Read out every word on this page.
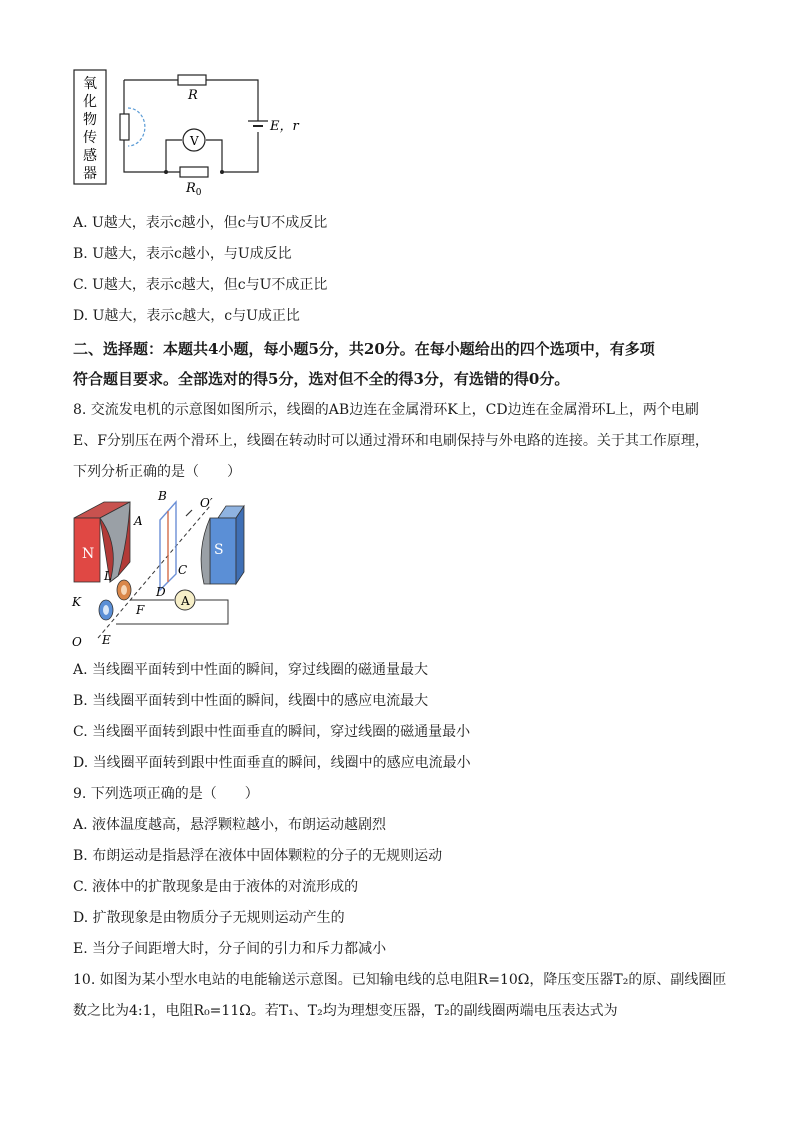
氧
化
物
传
感
器
R
E，r
V
$R_0$
A. U越大，表示c越小，但c与U不成反比
B. U越大，表示c越小，与U成反比
C. U越大，表示c越大，但c与U不成正比
D. U越大，表示c越大，c与U成正比
二、选择题：本题共4小题，每小题5分，共20分。在每小题给出的四个选项中，有多项
符合题目要求。全部选对的得5分，选对但不全的得3分，有选错的得0分。
8. 交流发电机的示意图如图所示，线圈的AB边连在金属滑环K上，CD边连在金属滑环L上，两个电刷
E、F分别压在两个滑环上，线圈在转动时可以通过滑环和电刷保持与外电路的连接。关于其工作原理，
下列分析正确的是（　　）
N	S
B
A
O′
C
D
L
K	A
F
E
O
A. 当线圈平面转到中性面的瞬间，穿过线圈的磁通量最大
B. 当线圈平面转到中性面的瞬间，线圈中的感应电流最大
C. 当线圈平面转到跟中性面垂直的瞬间，穿过线圈的磁通量最小
D. 当线圈平面转到跟中性面垂直的瞬间，线圈中的感应电流最小
9. 下列选项正确的是（　　）
A. 液体温度越高，悬浮颗粒越小，布朗运动越剧烈
B. 布朗运动是指悬浮在液体中固体颗粒的分子的无规则运动
C. 液体中的扩散现象是由于液体的对流形成的
D. 扩散现象是由物质分子无规则运动产生的
E. 当分子间距增大时，分子间的引力和斥力都减小
10. 如图为某小型水电站的电能输送示意图。已知输电线的总电阻R=10Ω，降压变压器T₂的原、副线圈匝
数之比为4:1，电阻R₀=11Ω。若T₁、T₂均为理想变压器，T₂的副线圈两端电压表达式为
